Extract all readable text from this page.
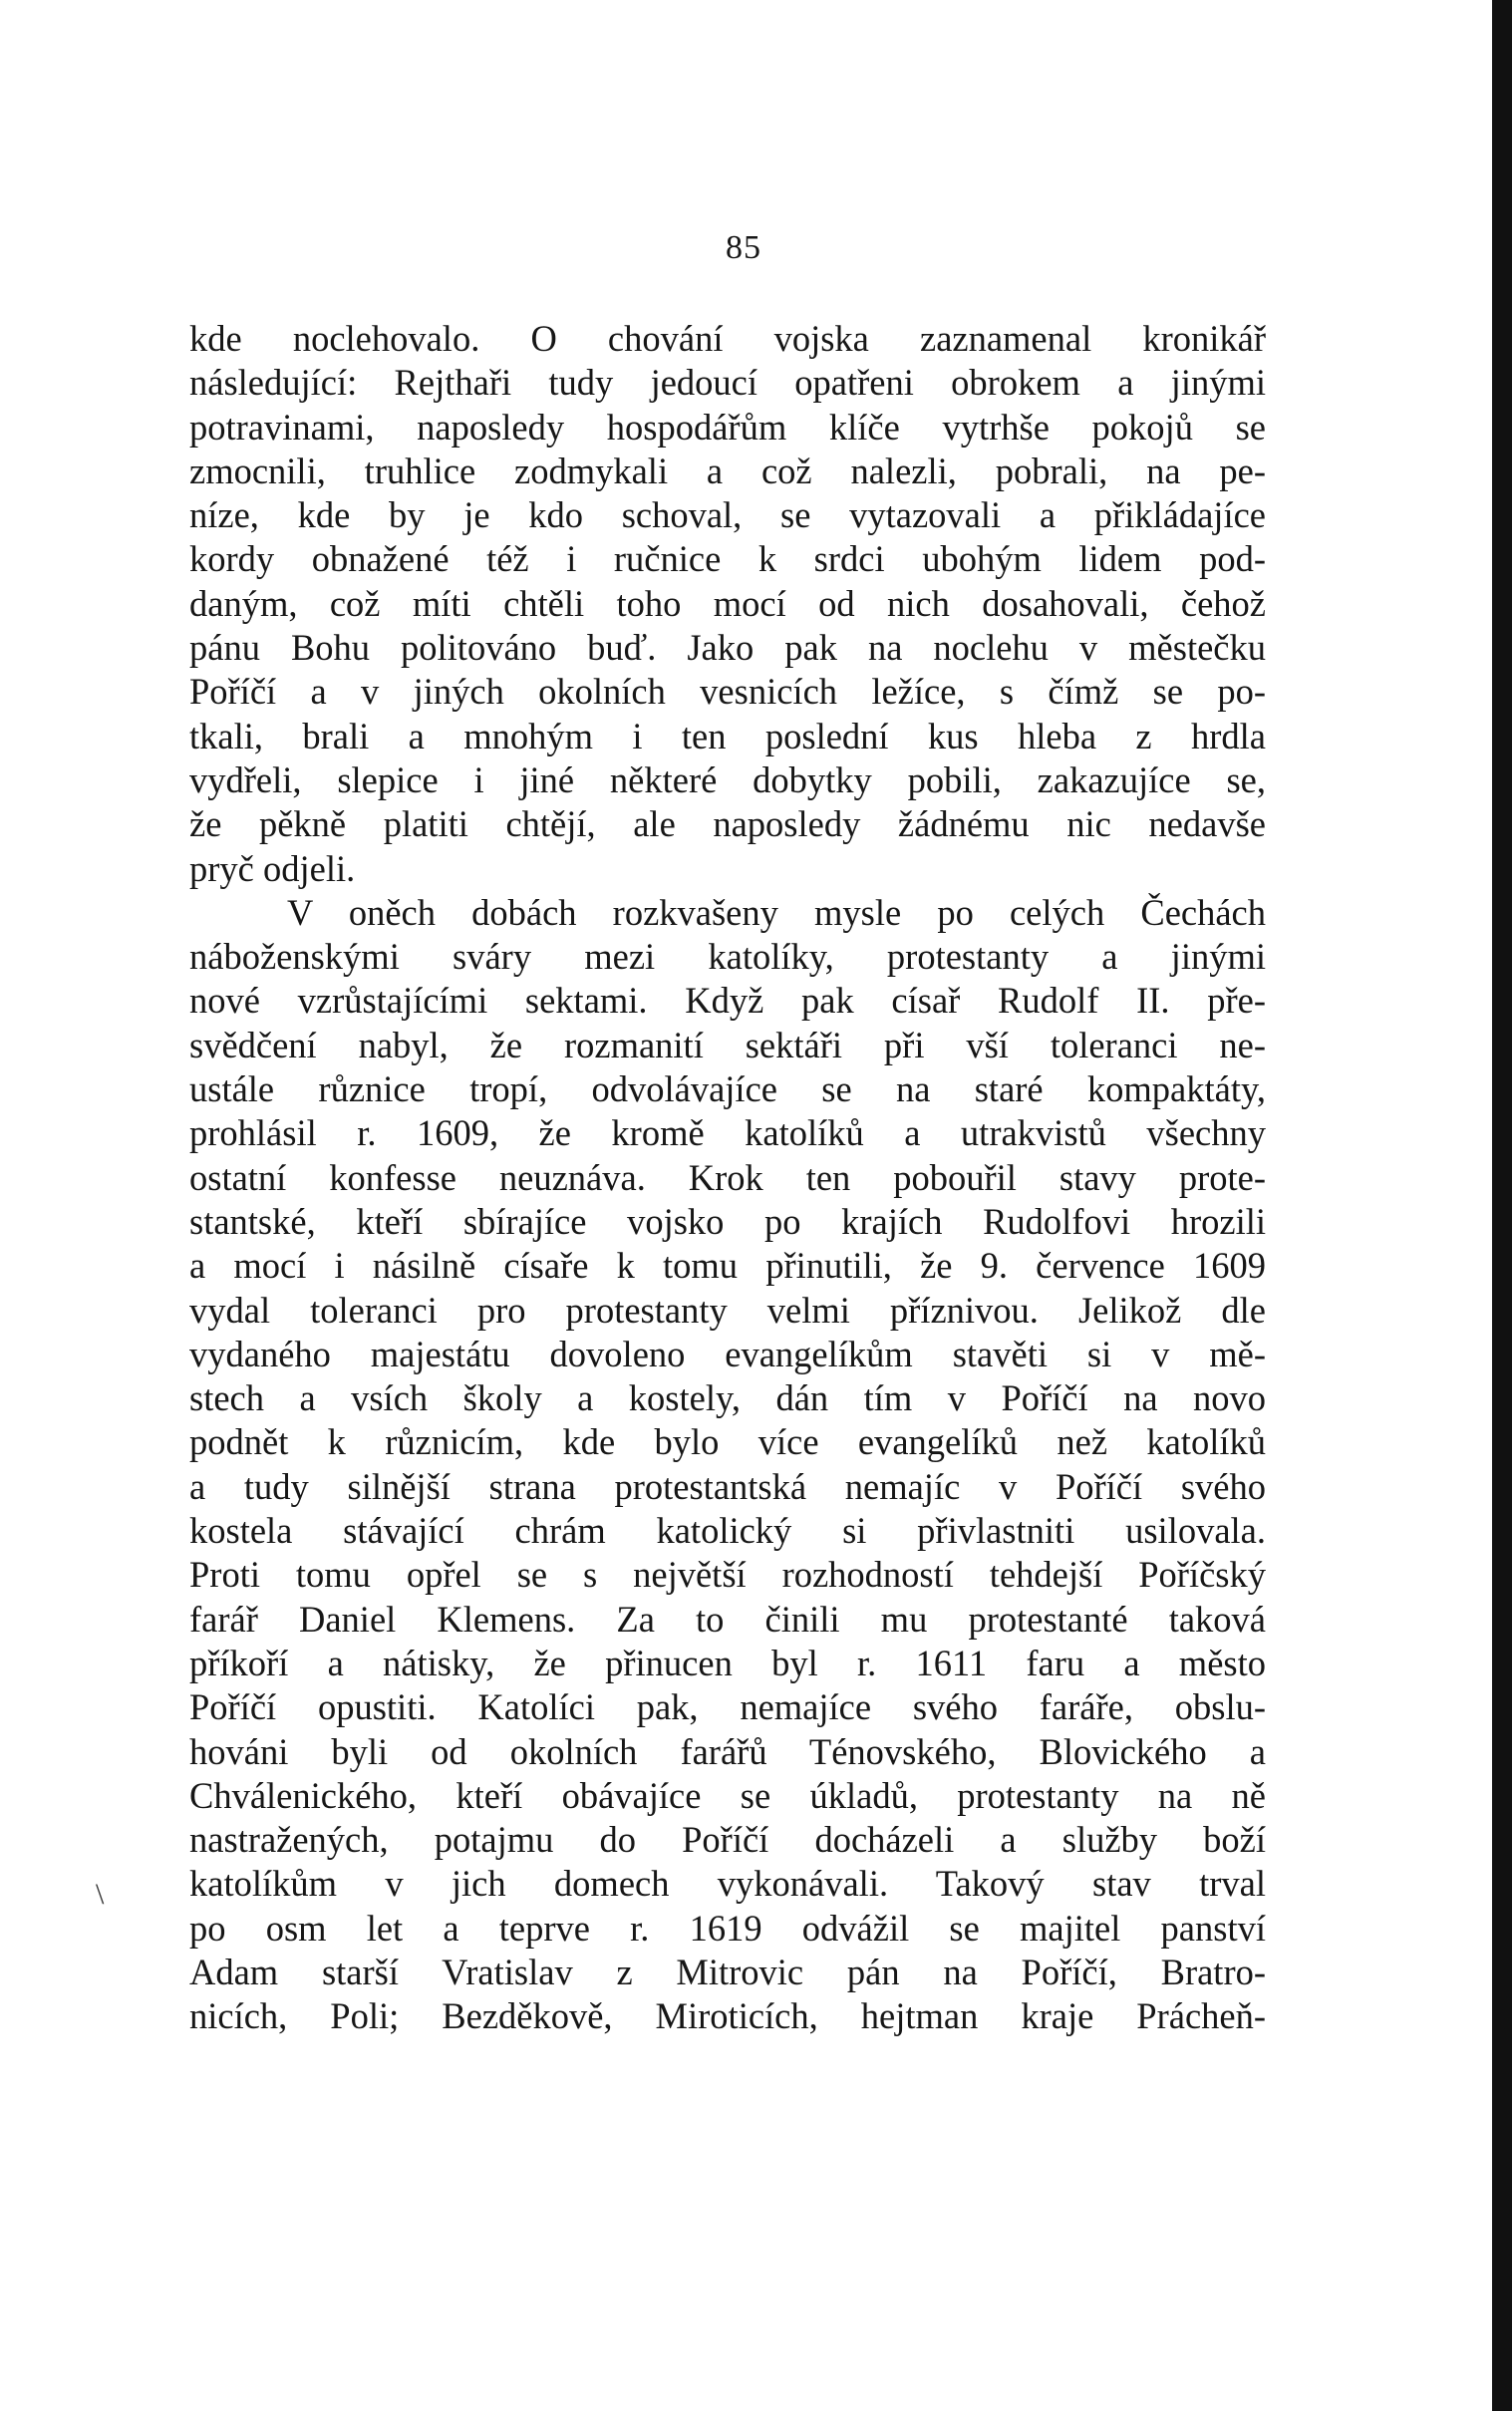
85
\
kde noclehovalo. O chování vojska zaznamenal kronikář
následující: Rejthaři tudy jedoucí opatřeni obrokem a jinými
potravinami, naposledy hospodářům klíče vytrhše pokojů se
zmocnili, truhlice zodmykali a což nalezli, pobrali, na pe-
níze, kde by je kdo schoval, se vytazovali a přikládajíce
kordy obnažené též i ručnice k srdci ubohým lidem pod-
daným, což míti chtěli toho mocí od nich dosahovali, čehož
pánu Bohu politováno buď. Jako pak na noclehu v městečku
Poříčí a v jiných okolních vesnicích ležíce, s čímž se po-
tkali, brali a mnohým i ten poslední kus hleba z hrdla
vydřeli, slepice i jiné některé dobytky pobili, zakazujíce se,
že pěkně platiti chtějí, ale naposledy žádnému nic nedavše
pryč odjeli.
V oněch dobách rozkvašeny mysle po celých Čechách
náboženskými sváry mezi katolíky, protestanty a jinými
nové vzrůstajícími sektami. Když pak císař Rudolf II. pře-
svědčení nabyl, že rozmanití sektáři při vší toleranci ne-
ustále různice tropí, odvolávajíce se na staré kompaktáty,
prohlásil r. 1609, že kromě katolíků a utrakvistů všechny
ostatní konfesse neuznáva. Krok ten pobouřil stavy prote-
stantské, kteří sbírajíce vojsko po krajích Rudolfovi hrozili
a mocí i násilně císaře k tomu přinutili, že 9. července 1609
vydal toleranci pro protestanty velmi příznivou. Jelikož dle
vydaného majestátu dovoleno evangelíkům stavěti si v mě-
stech a vsích školy a kostely, dán tím v Poříčí na novo
podnět k různicím, kde bylo více evangelíků než katolíků
a tudy silnější strana protestantská nemajíc v Poříčí svého
kostela stávající chrám katolický si přivlastniti usilovala.
Proti tomu opřel se s největší rozhodností tehdejší Poříčský
farář Daniel Klemens. Za to činili mu protestanté taková
příkoří a nátisky, že přinucen byl r. 1611 faru a město
Poříčí opustiti. Katolíci pak, nemajíce svého faráře, obslu-
hováni byli od okolních farářů Ténovského, Blovického a
Chválenického, kteří obávajíce se úkladů, protestanty na ně
nastražených, potajmu do Poříčí docházeli a služby boží
katolíkům v jich domech vykonávali. Takový stav trval
po osm let a teprve r. 1619 odvážil se majitel panství
Adam starší Vratislav z Mitrovic pán na Poříčí, Bratro-
nicích, Poli; Bezděkově, Miroticích, hejtman kraje Prácheň-
